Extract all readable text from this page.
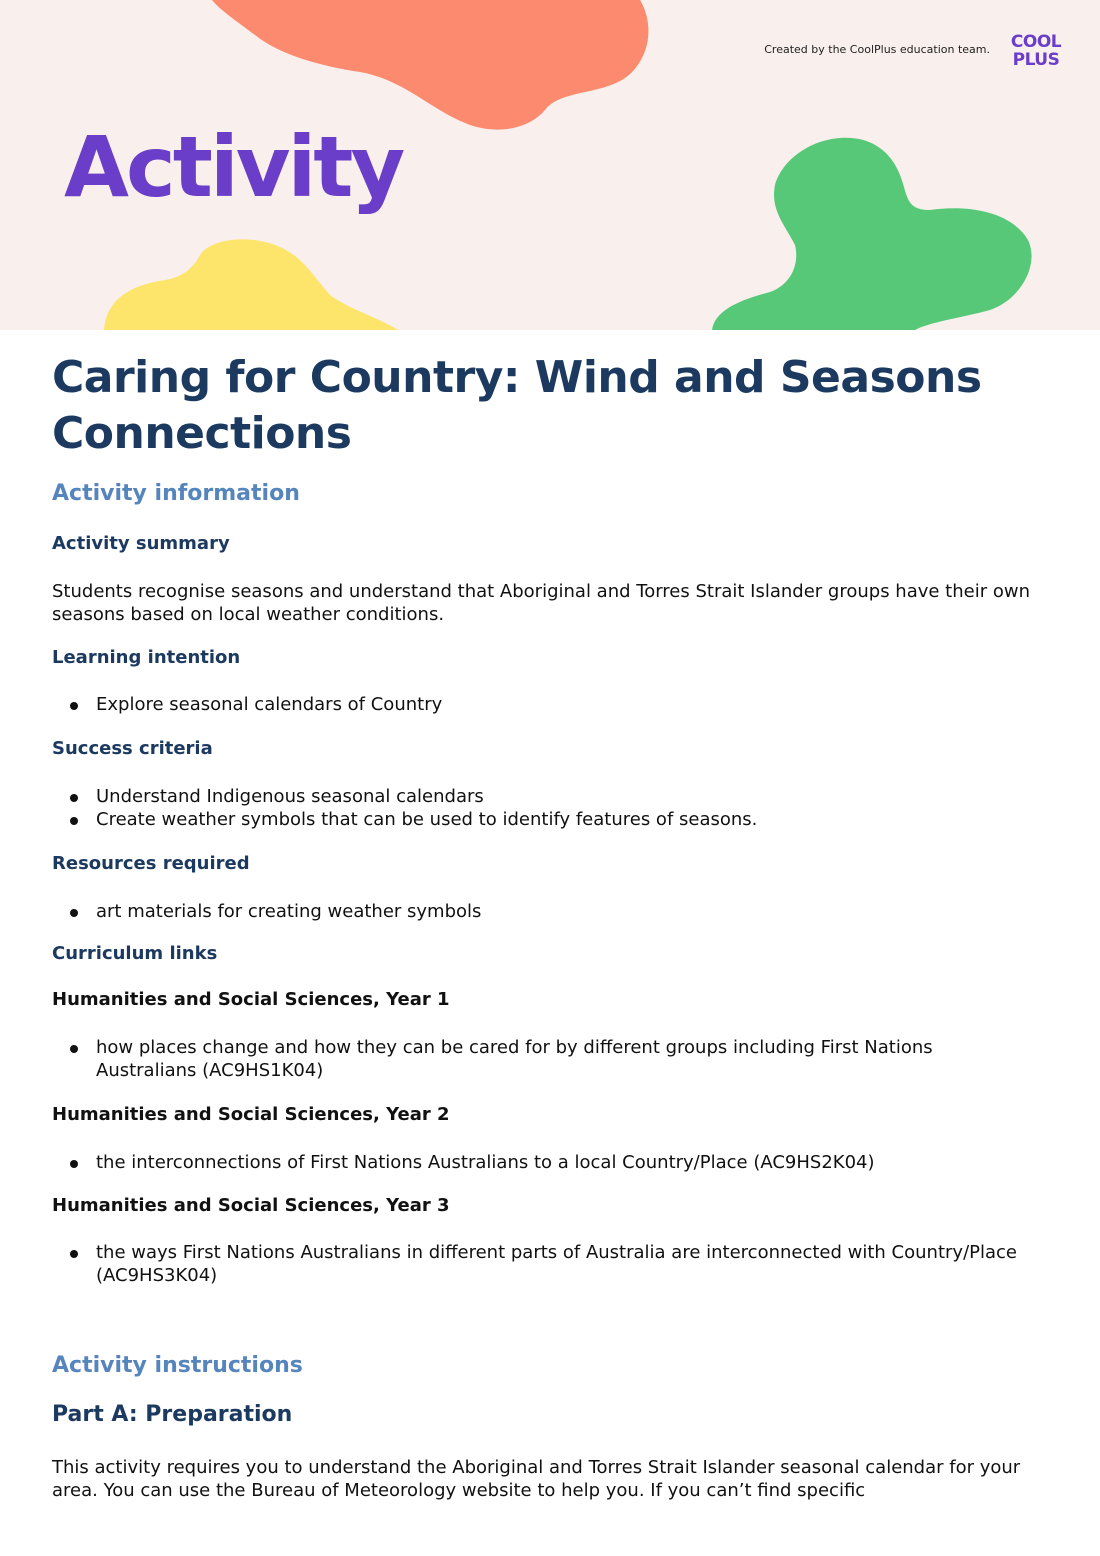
Created by the CoolPlus education team.	COOL
PLUS
Activity
Caring for Country: Wind and Seasons Connections
Activity information
Activity summary
Students recognise seasons and understand that Aboriginal and Torres Strait Islander groups have their own seasons based on local weather conditions.
Learning intention
Explore seasonal calendars of Country
Success criteria
Understand Indigenous seasonal calendars
Create weather symbols that can be used to identify features of seasons.
Resources required
art materials for creating weather symbols
Curriculum links
Humanities and Social Sciences, Year 1
how places change and how they can be cared for by different groups including First Nations Australians (AC9HS1K04)
Humanities and Social Sciences, Year 2
the interconnections of First Nations Australians to a local Country/Place (AC9HS2K04)
Humanities and Social Sciences, Year 3
the ways First Nations Australians in different parts of Australia are interconnected with Country/Place (AC9HS3K04)
Activity instructions
Part A: Preparation
This activity requires you to understand the Aboriginal and Torres Strait Islander seasonal calendar for your area. You can use the Bureau of Meteorology website to help you. If you can’t find specific
